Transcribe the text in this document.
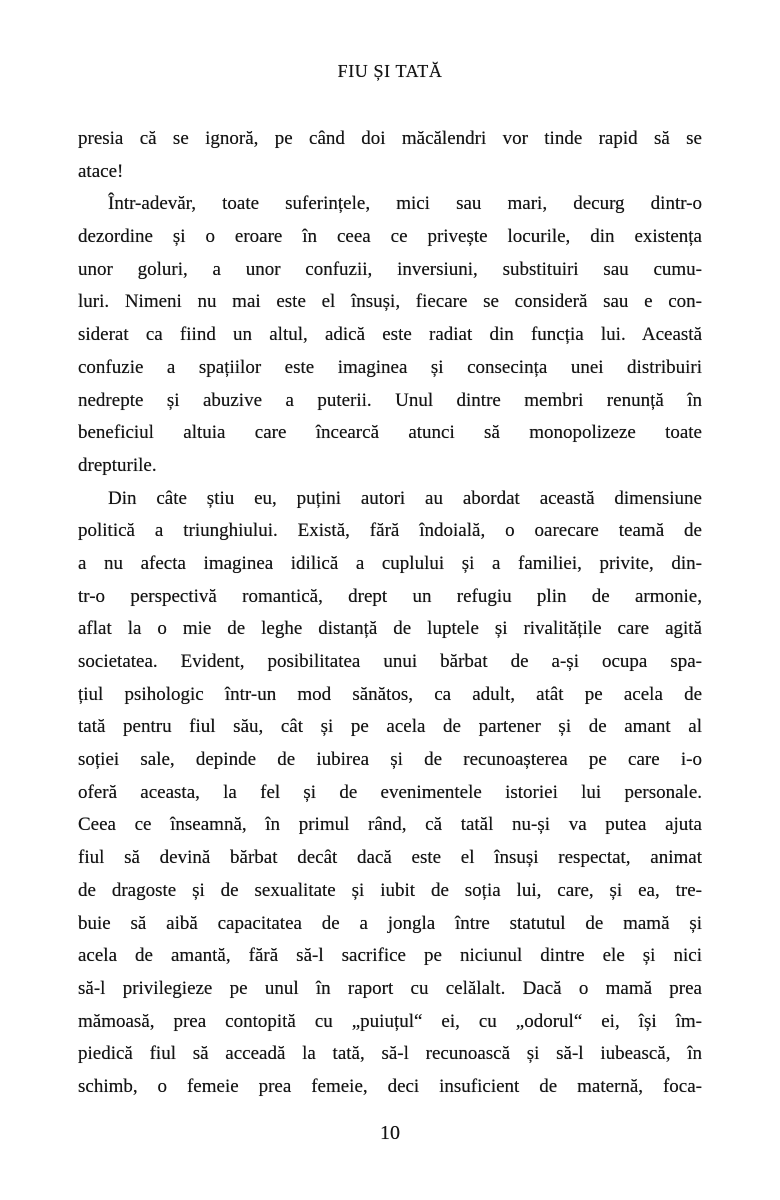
FIU ȘI TATĂ
presia că se ignoră, pe când doi măcălendri vor tinde rapid să se
atace!
Într-adevăr, toate suferințele, mici sau mari, decurg dintr-o
dezordine și o eroare în ceea ce privește locurile, din existența
unor goluri, a unor confuzii, inversiuni, substituiri sau cumu-
luri. Nimeni nu mai este el însuși, fiecare se consideră sau e con-
siderat ca fiind un altul, adică este radiat din funcția lui. Această
confuzie a spațiilor este imaginea și consecința unei distribuiri
nedrepte și abuzive a puterii. Unul dintre membri renunță în
beneficiul altuia care încearcă atunci să monopolizeze toate
drepturile.
Din câte știu eu, puțini autori au abordat această dimensiune
politică a triunghiului. Există, fără îndoială, o oarecare teamă de
a nu afecta imaginea idilică a cuplului și a familiei, privite, din-
tr-o perspectivă romantică, drept un refugiu plin de armonie,
aflat la o mie de leghe distanță de luptele și rivalitățile care agită
societatea. Evident, posibilitatea unui bărbat de a-și ocupa spa-
țiul psihologic într-un mod sănătos, ca adult, atât pe acela de
tată pentru fiul său, cât și pe acela de partener și de amant al
soției sale, depinde de iubirea și de recunoașterea pe care i-o
oferă aceasta, la fel și de evenimentele istoriei lui personale.
Ceea ce înseamnă, în primul rând, că tatăl nu-și va putea ajuta
fiul să devină bărbat decât dacă este el însuși respectat, animat
de dragoste și de sexualitate și iubit de soția lui, care, și ea, tre-
buie să aibă capacitatea de a jongla între statutul de mamă și
acela de amantă, fără să-l sacrifice pe niciunul dintre ele și nici
să-l privilegieze pe unul în raport cu celălalt. Dacă o mamă prea
mămoasă, prea contopită cu „puiuțul“ ei, cu „odorul“ ei, își îm-
piedică fiul să acceadă la tată, să-l recunoască și să-l iubească, în
schimb, o femeie prea femeie, deci insuficient de maternă, foca-
10
